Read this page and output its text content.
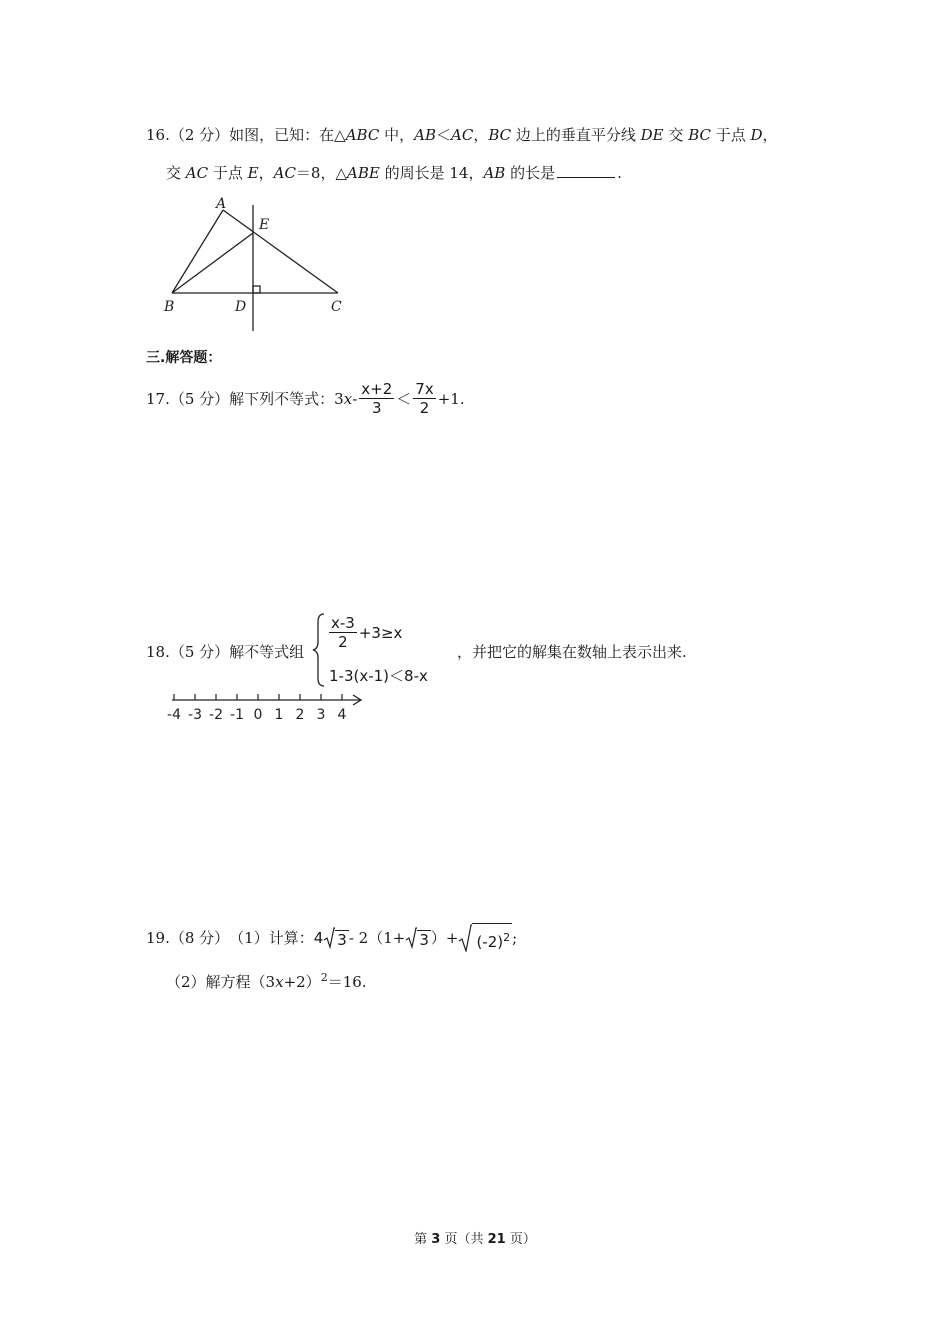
16.（2 分）如图，已知：在△ABC 中，AB＜AC，BC 边上的垂直平分线 DE 交 BC 于点 D，
交 AC 于点 E，AC＝8，△ABE 的周长是 14，AB 的长是	.
A
E
B	D	C
三.解答题：
17. （5 分） 解下列不等式：3 $x - \frac{x+2}{3} < \frac{7x}{2} +1$.
18.（5 分）解不等式组
$\frac{x-3}{2} +3\ge x$
1-3(x-1)＜8-x
，并把它的解集在数轴上表示出来.
-4 -3 -2 -1 0 1 2 3 4
19. （8 分） （1）计算： 4 3 - 2（1+ 3 ）+ $(-2)^2$ ;
（2）解方程$(3x+2)^2=16$.
第 3 页（共 21 页）
